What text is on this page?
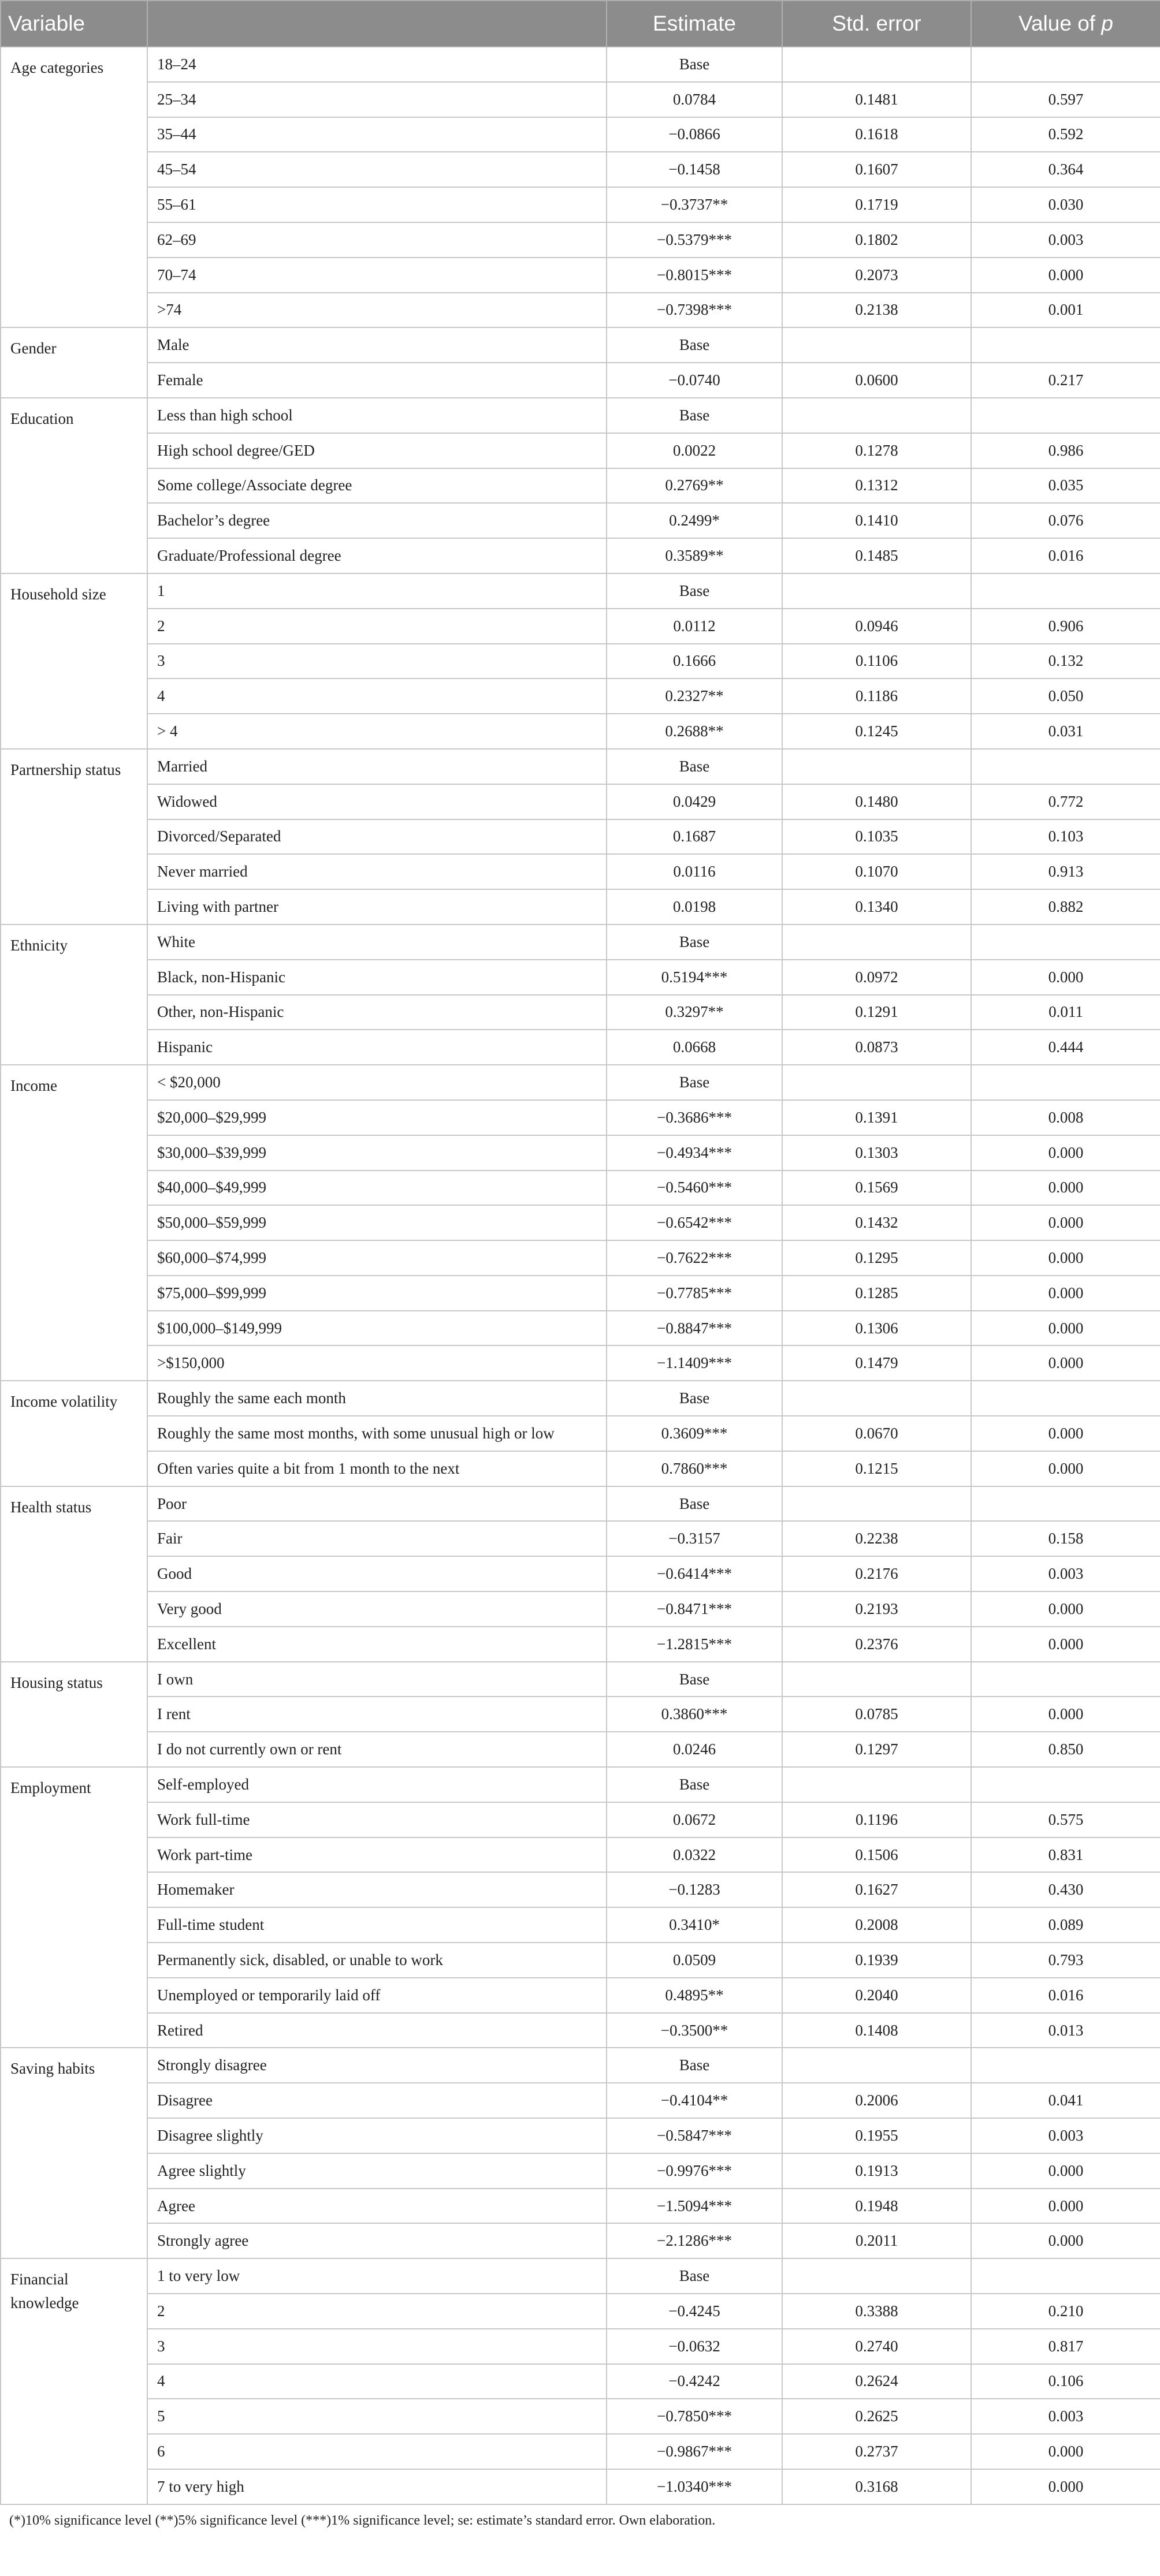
Variable		Estimate	Std. error	Value of p
Age categories	18–24	Base		
	25–34	0.0784	0.1481	0.597
	35–44	−0.0866	0.1618	0.592
	45–54	−0.1458	0.1607	0.364
	55–61	−0.3737**	0.1719	0.030
	62–69	−0.5379***	0.1802	0.003
	70–74	−0.8015***	0.2073	0.000
	>74	−0.7398***	0.2138	0.001
Gender	Male	Base		
	Female	−0.0740	0.0600	0.217
Education	Less than high school	Base		
	High school degree/GED	0.0022	0.1278	0.986
	Some college/Associate degree	0.2769**	0.1312	0.035
	Bachelor’s degree	0.2499*	0.1410	0.076
	Graduate/Professional degree	0.3589**	0.1485	0.016
Household size	1	Base		
	2	0.0112	0.0946	0.906
	3	0.1666	0.1106	0.132
	4	0.2327**	0.1186	0.050
	> 4	0.2688**	0.1245	0.031
Partnership status	Married	Base		
	Widowed	0.0429	0.1480	0.772
	Divorced/Separated	0.1687	0.1035	0.103
	Never married	0.0116	0.1070	0.913
	Living with partner	0.0198	0.1340	0.882
Ethnicity	White	Base		
	Black, non-Hispanic	0.5194***	0.0972	0.000
	Other, non-Hispanic	0.3297**	0.1291	0.011
	Hispanic	0.0668	0.0873	0.444
Income	< $20,000	Base		
	$20,000–$29,999	−0.3686***	0.1391	0.008
	$30,000–$39,999	−0.4934***	0.1303	0.000
	$40,000–$49,999	−0.5460***	0.1569	0.000
	$50,000–$59,999	−0.6542***	0.1432	0.000
	$60,000–$74,999	−0.7622***	0.1295	0.000
	$75,000–$99,999	−0.7785***	0.1285	0.000
	$100,000–$149,999	−0.8847***	0.1306	0.000
	>$150,000	−1.1409***	0.1479	0.000
Income volatility	Roughly the same each month	Base		
	Roughly the same most months, with some unusual high or low	0.3609***	0.0670	0.000
	Often varies quite a bit from 1 month to the next	0.7860***	0.1215	0.000
Health status	Poor	Base		
	Fair	−0.3157	0.2238	0.158
	Good	−0.6414***	0.2176	0.003
	Very good	−0.8471***	0.2193	0.000
	Excellent	−1.2815***	0.2376	0.000
Housing status	I own	Base		
	I rent	0.3860***	0.0785	0.000
	I do not currently own or rent	0.0246	0.1297	0.850
Employment	Self-employed	Base		
	Work full-time	0.0672	0.1196	0.575
	Work part-time	0.0322	0.1506	0.831
	Homemaker	−0.1283	0.1627	0.430
	Full-time student	0.3410*	0.2008	0.089
	Permanently sick, disabled, or unable to work	0.0509	0.1939	0.793
	Unemployed or temporarily laid off	0.4895**	0.2040	0.016
	Retired	−0.3500**	0.1408	0.013
Saving habits	Strongly disagree	Base		
	Disagree	−0.4104**	0.2006	0.041
	Disagree slightly	−0.5847***	0.1955	0.003
	Agree slightly	−0.9976***	0.1913	0.000
	Agree	−1.5094***	0.1948	0.000
	Strongly agree	−2.1286***	0.2011	0.000
Financial knowledge	1 to very low	Base		
	2	−0.4245	0.3388	0.210
	3	−0.0632	0.2740	0.817
	4	−0.4242	0.2624	0.106
	5	−0.7850***	0.2625	0.003
	6	−0.9867***	0.2737	0.000
	7 to very high	−1.0340***	0.3168	0.000
(*)10% significance level (**)5% significance level (***)1% significance level; se: estimate’s standard error. Own elaboration.
